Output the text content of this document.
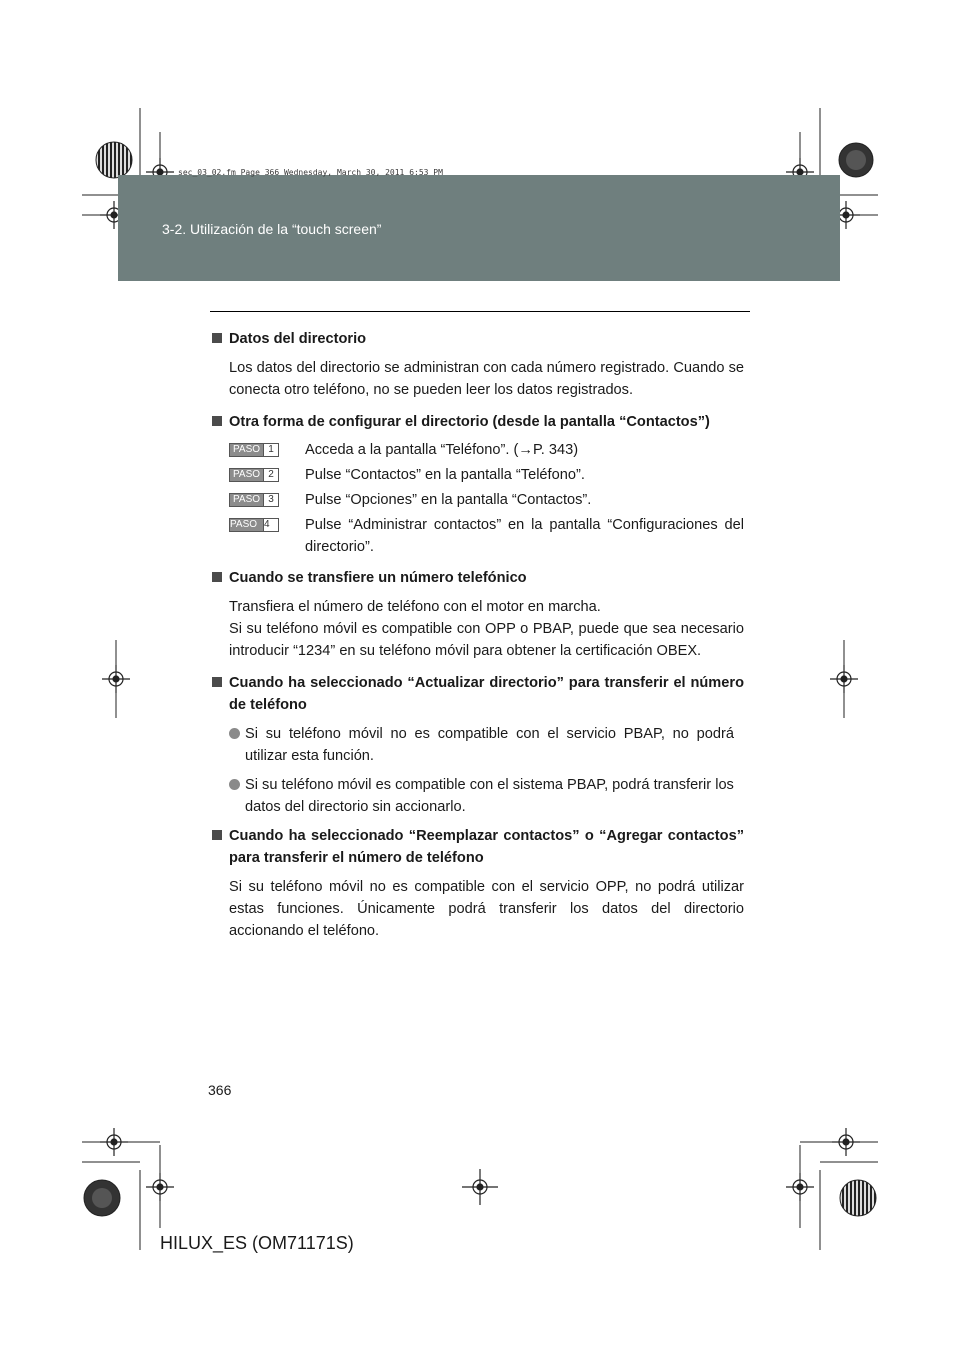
3-2. Utilización de la “touch screen”
sec_03_02.fm Page 366 Wednesday, March 30, 2011 6:53 PM

Datos del directorio

Los datos del directorio se administran con cada número registrado. Cuando se conecta otro teléfono, no se pueden leer los datos registrados.

Otra forma de configurar el directorio (desde la pantalla “Contactos”)

PASO 1 Acceda a la pantalla “Teléfono”. (→P. 343)
PASO 2 Pulse “Contactos” en la pantalla “Teléfono”.
PASO 3 Pulse “Opciones” en la pantalla “Contactos”.
PASO 4	Pulse “Administrar contactos” en la pantalla “Configuraciones del directorio”.

Cuando se transfiere un número telefónico

Transfiera el número de teléfono con el motor en marcha.

Si su teléfono móvil es compatible con OPP o PBAP, puede que sea necesario introducir “1234” en su teléfono móvil para obtener la certificación OBEX.

Cuando ha seleccionado “Actualizar directorio” para transferir el número de teléfono

Si su teléfono móvil no es compatible con el servicio PBAP, no podrá utilizar esta función.
Si su teléfono móvil es compatible con el sistema PBAP, podrá transferir los datos del directorio sin accionarlo.

Cuando ha seleccionado “Reemplazar contactos” o “Agregar contactos” para transferir el número de teléfono

Si su teléfono móvil no es compatible con el servicio OPP, no podrá utilizar estas funciones. Únicamente podrá transferir los datos del directorio accionando el teléfono.

366
HILUX_ES (OM71171S)
